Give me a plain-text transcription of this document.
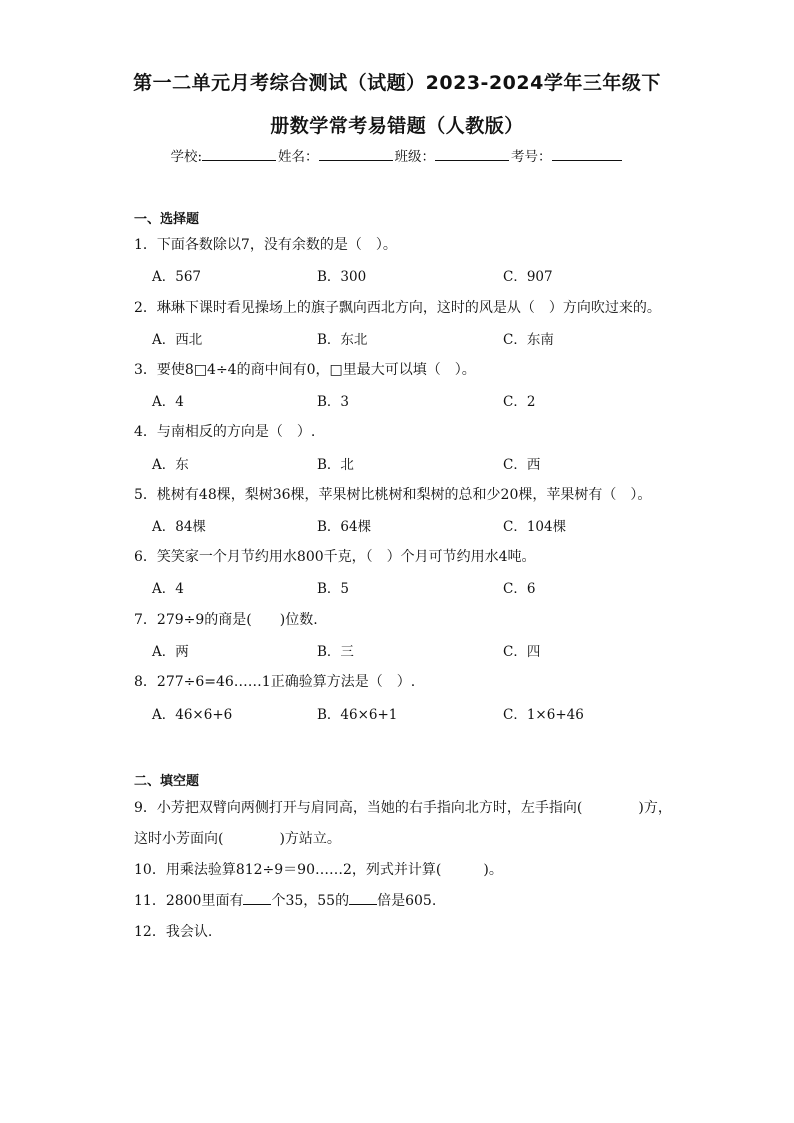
第一二单元月考综合测试（试题）2023-2024学年三年级下
册数学常考易错题（人教版）
学校:	姓名：	班级：	考号：
一、选择题
1．下面各数除以7，没有余数的是（　）。
A．567	B．300	C．907
2．琳琳下课时看见操场上的旗子飘向西北方向，这时的风是从（　）方向吹过来的。
A．西北	B．东北	C．东南
3．要使8□4÷4的商中间有0，□里最大可以填（　）。
A．4	B．3	C．2
4．与南相反的方向是（　）.
A．东	B．北	C．西
5．桃树有48棵，梨树36棵，苹果树比桃树和梨树的总和少20棵，苹果树有（　）。
A．84棵	B．64棵	C．104棵
6．笑笑家一个月节约用水800千克，（　）个月可节约用水4吨。
A．4	B．5	C．6
7．279÷9的商是(　　)位数.
A．两	B．三	C．四
8．277÷6=46……1正确验算方法是（　）.
A．46×6+6	B．46×6+1	C．1×6+46
二、填空题
9．小芳把双臂向两侧打开与肩同高，当她的右手指向北方时，左手指向(　　　　)方，
这时小芳面向(　　　　)方站立。
10．用乘法验算812÷9＝90……2，列式并计算(　　　)。
11．2800里面有 个35，55的 倍是605.
12．我会认.
